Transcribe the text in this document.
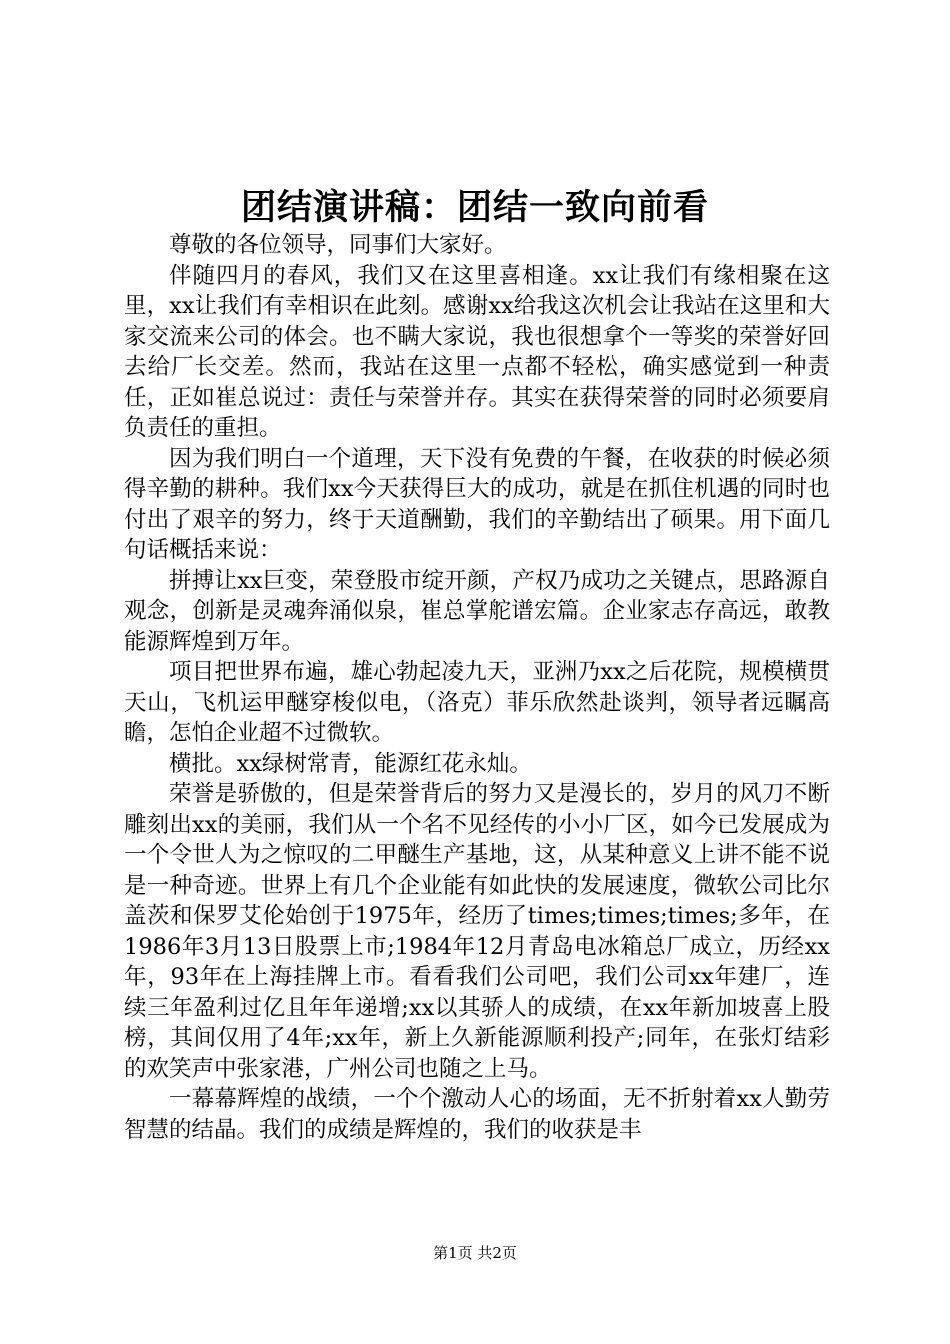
团结演讲稿：团结一致向前看

尊敬的各位领导，同事们大家好。

伴随四月的春风，我们又在这里喜相逢。xx让我们有缘相聚在这里，xx让我们有幸相识在此刻。感谢xx给我这次机会让我站在这里和大家交流来公司的体会。也不瞒大家说，我也很想拿个一等奖的荣誉好回去给厂长交差。然而，我站在这里一点都不轻松，确实感觉到一种责任，正如崔总说过：责任与荣誉并存。其实在获得荣誉的同时必须要肩负责任的重担。

因为我们明白一个道理，天下没有免费的午餐，在收获的时候必须得辛勤的耕种。我们xx今天获得巨大的成功，就是在抓住机遇的同时也付出了艰辛的努力，终于天道酬勤，我们的辛勤结出了硕果。用下面几句话概括来说：

拼搏让xx巨变，荣登股市绽开颜，产权乃成功之关键点，思路源自观念，创新是灵魂奔涌似泉，崔总掌舵谱宏篇。企业家志存高远，敢教能源辉煌到万年。

项目把世界布遍，雄心勃起凌九天，亚洲乃xx之后花院，规模横贯天山，飞机运甲醚穿梭似电，（洛克）菲乐欣然赴谈判，领导者远瞩高瞻，怎怕企业超不过微软。

横批。xx绿树常青，能源红花永灿。

荣誉是骄傲的，但是荣誉背后的努力又是漫长的，岁月的风刀不断雕刻出xx的美丽，我们从一个名不见经传的小小厂区，如今已发展成为一个令世人为之惊叹的二甲醚生产基地，这，从某种意义上讲不能不说是一种奇迹。世界上有几个企业能有如此快的发展速度，微软公司比尔盖茨和保罗艾伦始创于1975年，经历了times;times;times;多年，在1986年3月13日股票上市;1984年12月青岛电冰箱总厂成立，历经xx年，93年在上海挂牌上市。看看我们公司吧，我们公司xx年建厂，连续三年盈利过亿且年年递增;xx以其骄人的成绩，在xx年新加坡喜上股榜，其间仅用了4年;xx年，新上久新能源顺利投产;同年，在张灯结彩的欢笑声中张家港，广州公司也随之上马。

一幕幕辉煌的战绩，一个个激动人心的场面，无不折射着xx人勤劳智慧的结晶。我们的成绩是辉煌的，我们的收获是丰

第1页 共2页
